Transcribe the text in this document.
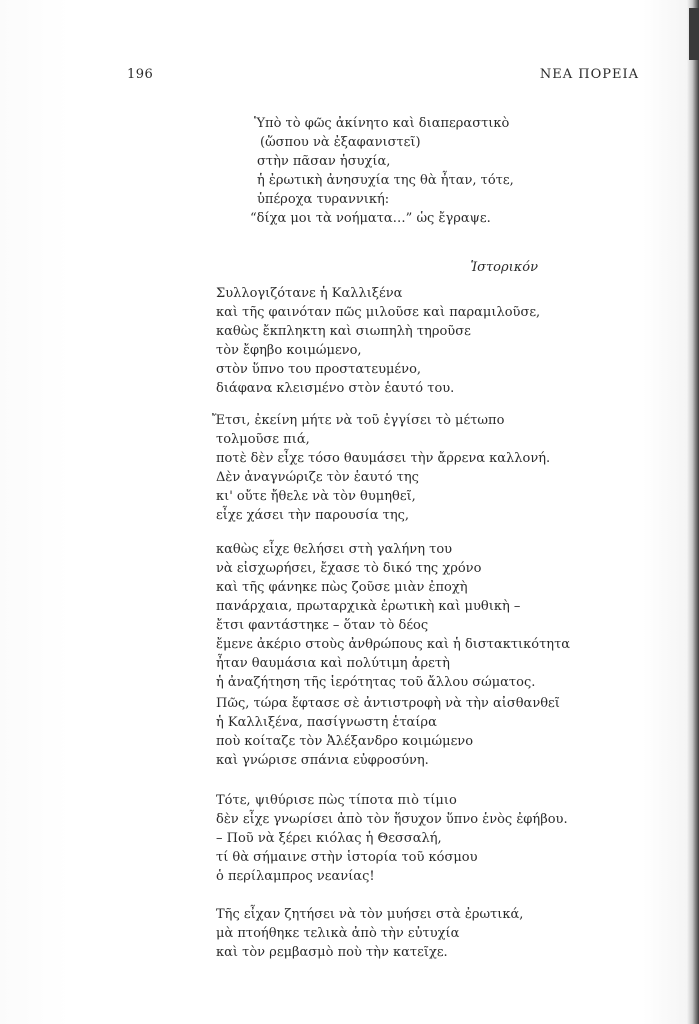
196	ΝΕΑ ΠΟΡΕΙΑ
Ὑπὸ τὸ φῶς ἀκίνητο καὶ διαπεραστικὸ
(ὥσπου νὰ ἐξαφανιστεῖ)
στὴν πᾶσαν ἡσυχία,
ἡ ἐρωτικὴ ἀνησυχία της θὰ ἦταν, τότε,
ὑπέροχα τυραννική:
“δίχα μοι τὰ νοήματα…” ὡς ἔγραψε.
Ἱστορικόν
Συλλογιζότανε ἡ Καλλιξένα
καὶ τῆς φαινόταν πῶς μιλοῦσε καὶ παραμιλοῦσε,
καθὼς ἔκπληκτη καὶ σιωπηλὴ τηροῦσε
τὸν ἔφηβο κοιμώμενο,
στὸν ὕπνο του προστατευμένο,
διάφανα κλεισμένο στὸν ἑαυτό του.
Ἔτσι, ἐκείνη μήτε νὰ τοῦ ἐγγίσει τὸ μέτωπο
τολμοῦσε πιά,
ποτὲ δὲν εἶχε τόσο θαυμάσει τὴν ἄρρενα καλλονή.
Δὲν ἀναγνώριζε τὸν ἑαυτό της
κι' οὔτε ἤθελε νὰ τὸν θυμηθεῖ,
εἶχε χάσει τὴν παρουσία της,
καθὼς εἶχε θελήσει στὴ γαλήνη του
νὰ εἰσχωρήσει, ἔχασε τὸ δικό της χρόνο
καὶ τῆς φάνηκε πὼς ζοῦσε μιὰν ἐποχὴ
πανάρχαια, πρωταρχικὰ ἐρωτικὴ καὶ μυθικὴ –
ἔτσι φαντάστηκε – ὅταν τὸ δέος
ἔμενε ἀκέριο στοὺς ἀνθρώπους καὶ ἡ διστακτικότητα
ἦταν θαυμάσια καὶ πολύτιμη ἀρετὴ
ἡ ἀναζήτηση τῆς ἱερότητας τοῦ ἄλλου σώματος.
Πῶς, τώρα ἔφτασε σὲ ἀντιστροφὴ νὰ τὴν αἰσθανθεῖ
ἡ Καλλιξένα, πασίγνωστη ἑταίρα
ποὺ κοίταζε τὸν Ἀλέξανδρο κοιμώμενο
καὶ γνώρισε σπάνια εὐφροσύνη.
Τότε, ψιθύρισε πὼς τίποτα πιὸ τίμιο
δὲν εἶχε γνωρίσει ἀπὸ τὸν ἥσυχον ὕπνο ἑνὸς ἐφήβου.
– Ποῦ νὰ ξέρει κιόλας ἡ Θεσσαλή,
τί θὰ σήμαινε στὴν ἱστορία τοῦ κόσμου
ὁ περίλαμπρος νεανίας!
Τῆς εἶχαν ζητήσει νὰ τὸν μυήσει στὰ ἐρωτικά,
μὰ πτοήθηκε τελικὰ ἀπὸ τὴν εὐτυχία
καὶ τὸν ρεμβασμὸ ποὺ τὴν κατεῖχε.
